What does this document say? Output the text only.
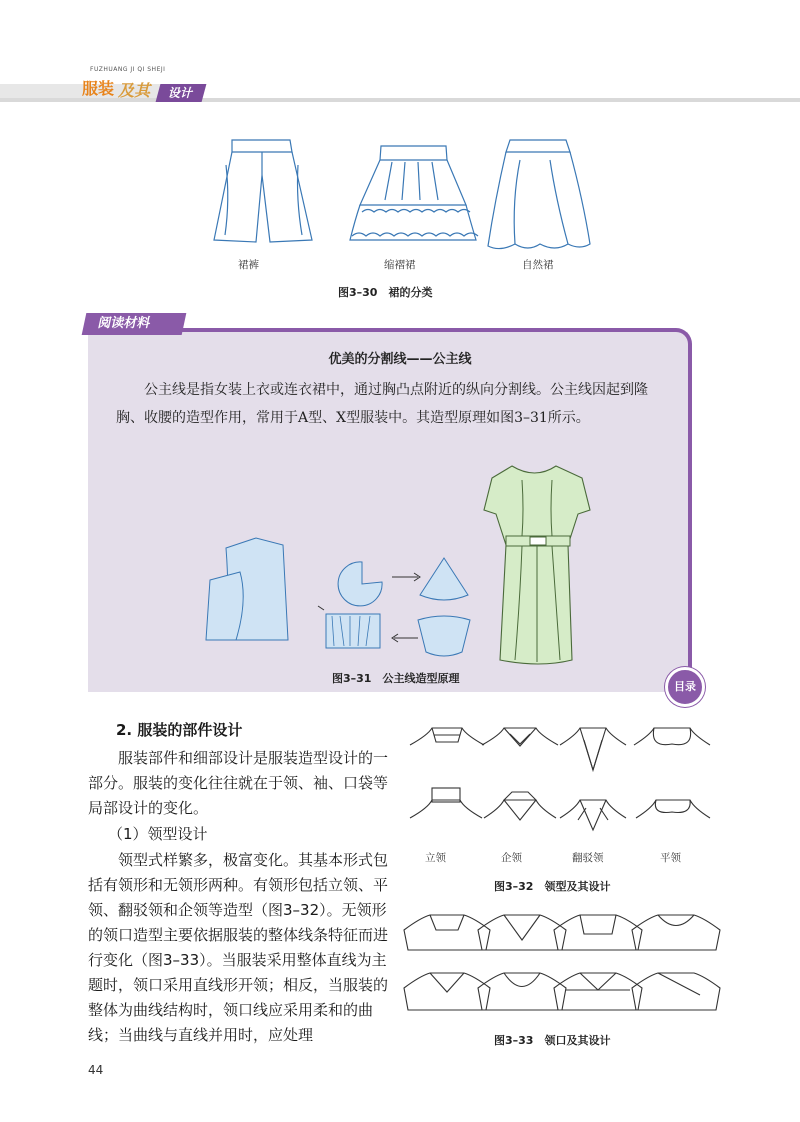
FUZHUANG JI QI SHEJI
服装 及其	设计
裙裤	缩褶裙	自然裙
图3–30　裙的分类
阅读材料
优美的分割线——公主线
公主线是指女装上衣或连衣裙中，通过胸凸点附近的纵向分割线。公主线因起到隆胸、收腰的造型作用，常用于A型、X型服装中。其造型原理如图3–31所示。
图3–31　公主线造型原理
目录
2. 服装的部件设计
服装部件和细部设计是服装造型设计的一部分。服装的变化往往就在于领、袖、口袋等局部设计的变化。
（1）领型设计
领型式样繁多，极富变化。其基本形式包括有领形和无领形两种。有领形包括立领、平领、翻驳领和企领等造型（图3–32）。无领形的领口造型主要依据服装的整体线条特征而进行变化（图3–33）。当服装采用整体直线为主题时，领口采用直线形开领；相反，当服装的整体为曲线结构时，领口线应采用柔和的曲线；当曲线与直线并用时，应处理
立领	企领	翻驳领	平领
图3–32　领型及其设计
图3–33　领口及其设计
44
